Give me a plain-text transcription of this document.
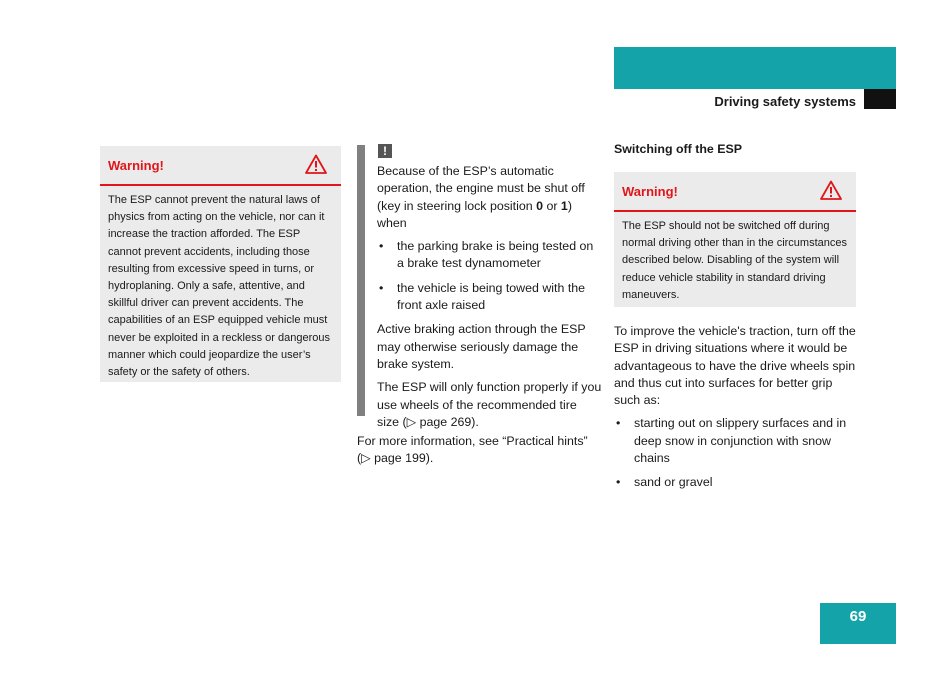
Safety and Security
Driving safety systems
Warning!
The ESP cannot prevent the natural laws of physics from acting on the vehicle, nor can it increase the traction afforded. The ESP cannot prevent accidents, including those resulting from excessive speed in turns, or hydroplaning. Only a safe, attentive, and skillful driver can prevent accidents. The capabilities of an ESP equipped vehicle must never be exploited in a reckless or dangerous manner which could jeopardize the user’s safety or the safety of others.
!

Because of the ESP’s automatic operation, the engine must be shut off (key in steering lock position 0 or 1) when

• the parking brake is being tested on a brake test dynamometer
• the vehicle is being towed with the front axle raised

Active braking action through the ESP may otherwise seriously damage the brake system.

The ESP will only function properly if you use wheels of the recommended tire size (▷ page 269).

For more information, see “Practical hints” (▷ page 199).
Switching off the ESP
Warning!
The ESP should not be switched off during normal driving other than in the circumstances described below. Disabling of the system will reduce vehicle stability in standard driving maneuvers.

To improve the vehicle's traction, turn off the ESP in driving situations where it would be advantageous to have the drive wheels spin and thus cut into surfaces for better grip such as:

• starting out on slippery surfaces and in deep snow in conjunction with snow chains
• sand or gravel
69
